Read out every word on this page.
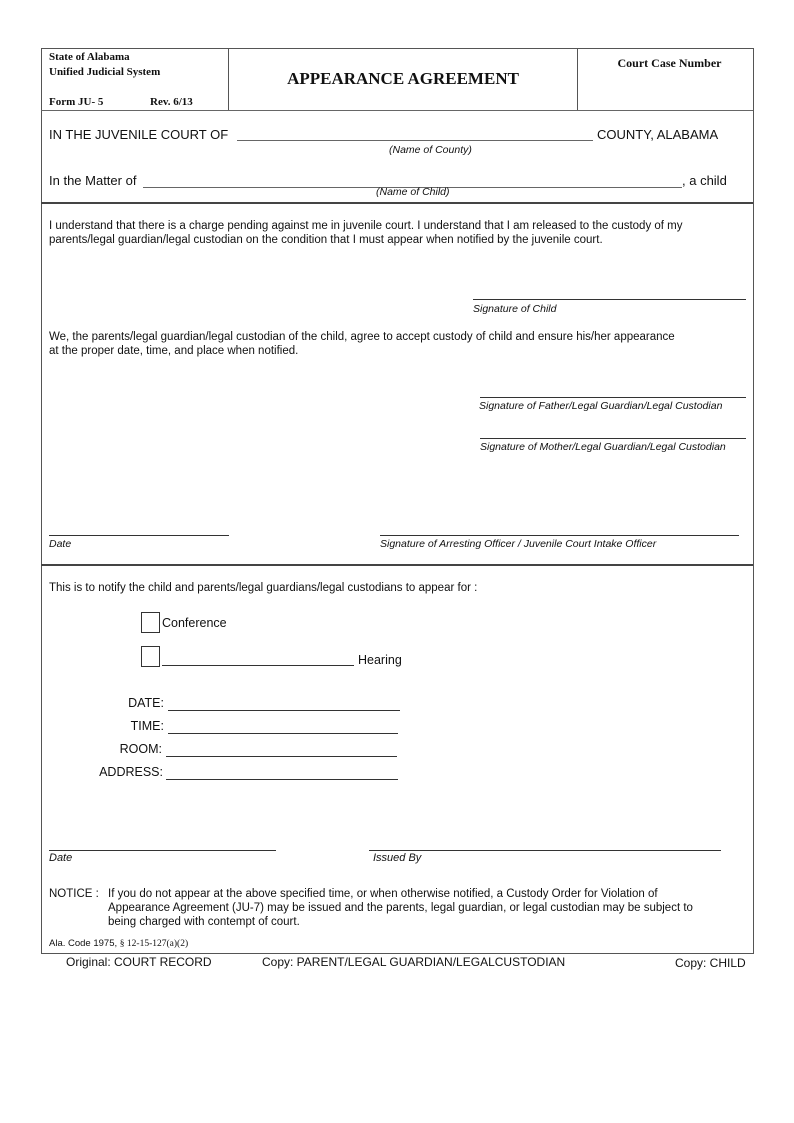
State of Alabama
Unified Judicial System
Form JU- 5	Rev. 6/13
APPEARANCE AGREEMENT
Court Case Number
IN THE JUVENILE COURT OF	COUNTY, ALABAMA
(Name of County)
In the Matter of	, a child
(Name of Child)
I understand that there is a charge pending against me in juvenile court. I understand that I am released to the custody of my
parents/legal guardian/legal custodian on the condition that I must appear when notified by the juvenile court.
Signature of Child
We, the parents/legal guardian/legal custodian of the child, agree to accept custody of child and ensure his/her appearance
at the proper date, time, and place when notified.
Signature of Father/Legal Guardian/Legal Custodian
Signature of Mother/Legal Guardian/Legal Custodian
Date	Signature of Arresting Officer / Juvenile Court Intake Officer
This is to notify the child and parents/legal guardians/legal custodians to appear for :
Conference
Hearing
DATE:
TIME:
ROOM:
ADDRESS:
Date	Issued By
NOTICE : If you do not appear at the above specified time, or when otherwise notified, a Custody Order for Violation of
Appearance Agreement (JU-7) may be issued and the parents, legal guardian, or legal custodian may be subject to
being charged with contempt of court.
Ala. Code 1975, § 12-15-127(a)(2)
Original: COURT RECORD	Copy: PARENT/LEGAL GUARDIAN/LEGALCUSTODIAN	Copy: CHILD
